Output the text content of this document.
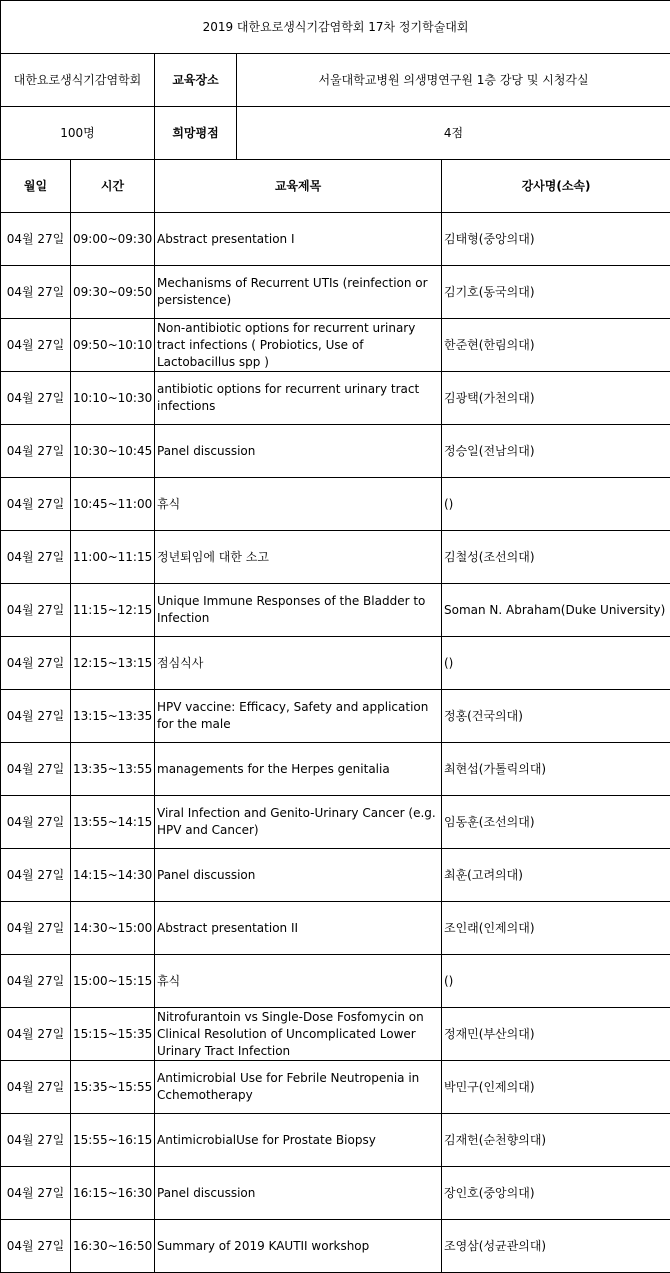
2019 대한요로생식기감염학회 17차 정기학술대회				
대한요로생식기감염학회		교육장소	서울대학교병원 의생명연구원 1층 강당 및 시청각실	
100명		희망평점	4점	
월일	시간	교육제목		강사명(소속)
04월 27일	09:00~09:30	Abstract presentation I		김태형(중앙의대)
04월 27일	09:30~09:50	Mechanisms of Recurrent UTIs (reinfection or persistence)		김기호(동국의대)
04월 27일	09:50~10:10	Non-antibiotic options for recurrent urinary tract infections ( Probiotics, Use of Lactobacillus spp )		한준현(한림의대)
04월 27일	10:10~10:30	antibiotic options for recurrent urinary tract infections		김광택(가천의대)
04월 27일	10:30~10:45	Panel discussion		정승일(전남의대)
04월 27일	10:45~11:00	휴식		()
04월 27일	11:00~11:15	정년퇴임에 대한 소고		김철성(조선의대)
04월 27일	11:15~12:15	Unique Immune Responses of the Bladder to Infection		Soman N. Abraham(Duke University)
04월 27일	12:15~13:15	점심식사		()
04월 27일	13:15~13:35	HPV vaccine: Efficacy, Safety and application for the male		정홍(건국의대)
04월 27일	13:35~13:55	managements for the Herpes genitalia		최현섭(가톨릭의대)
04월 27일	13:55~14:15	Viral Infection and Genito-Urinary Cancer (e.g. HPV and Cancer)		임동훈(조선의대)
04월 27일	14:15~14:30	Panel discussion		최훈(고려의대)
04월 27일	14:30~15:00	Abstract presentation II		조인래(인제의대)
04월 27일	15:00~15:15	휴식		()
04월 27일	15:15~15:35	Nitrofurantoin vs Single-Dose Fosfomycin on Clinical Resolution of Uncomplicated Lower Urinary Tract Infection		정재민(부산의대)
04월 27일	15:35~15:55	Antimicrobial Use for Febrile Neutropenia in Cchemotherapy		박민구(인제의대)
04월 27일	15:55~16:15	AntimicrobialUse for Prostate Biopsy		김재헌(순천향의대)
04월 27일	16:15~16:30	Panel discussion		장인호(중앙의대)
04월 27일	16:30~16:50	Summary of 2019 KAUTII workshop		조영삼(성균관의대)
